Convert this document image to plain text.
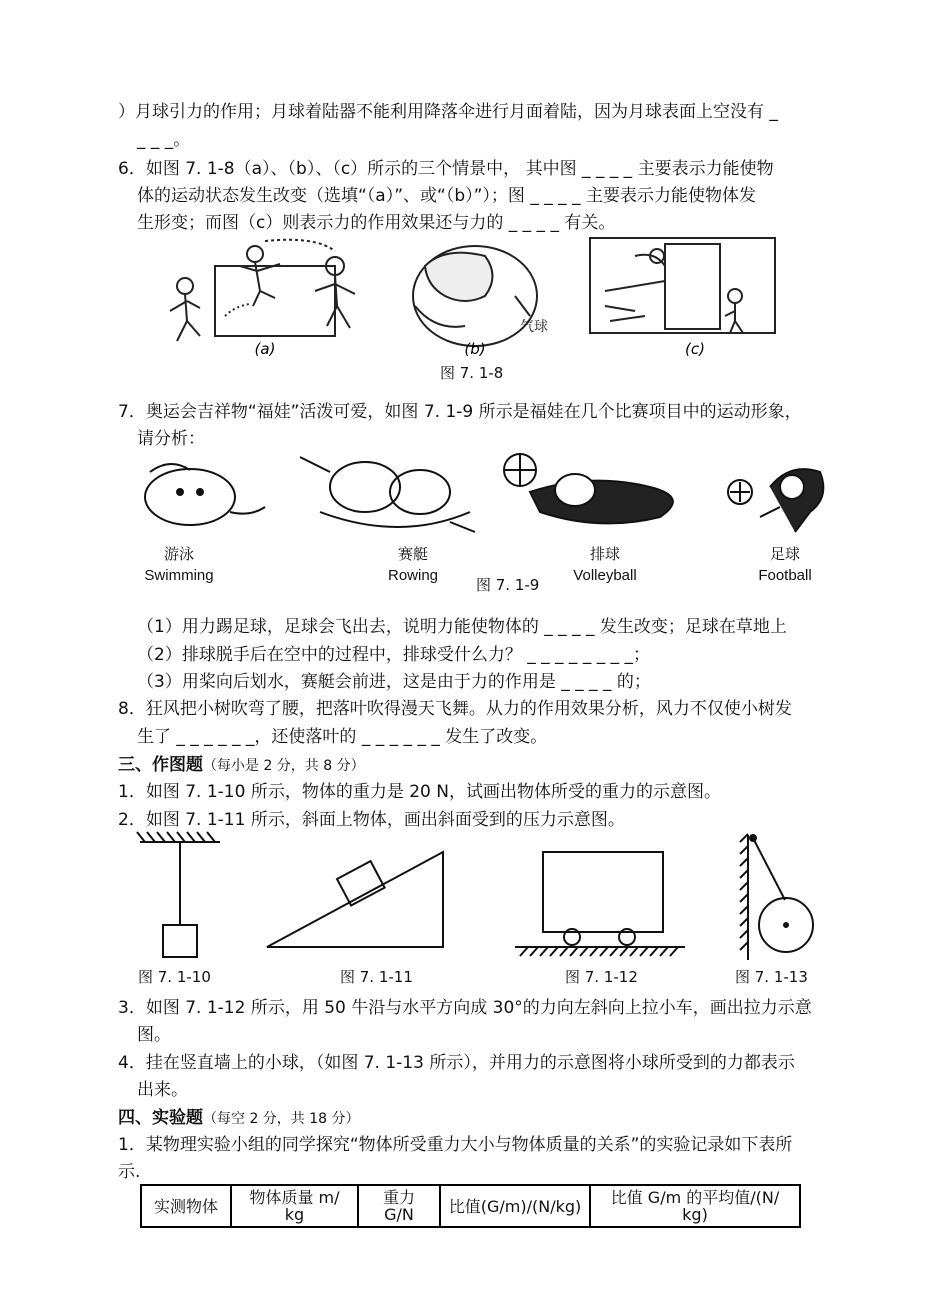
）月球引力的作用；月球着陆器不能利用降落伞进行月面着陆，因为月球表面上空没有 _
_ _ _。
6．如图 7. 1-8（a）、（b）、（c）所示的三个情景中， 其中图 _ _ _ _ 主要表示力能使物
体的运动状态发生改变（选填“（a）”、或“（b）”）；图 _ _ _ _ 主要表示力能使物体发
生形变；而图（c）则表示力的作用效果还与力的 _ _ _ _ 有关。
气球
(a)	(b)	(c)
图 7. 1-8
7．奥运会吉祥物“福娃”活泼可爱，如图 7. 1-9 所示是福娃在几个比赛项目中的运动形象，
请分析：
游泳
Swimming
赛艇
Rowing
图 7. 1-9
排球
Volleyball
足球
Football
（1）用力踢足球，足球会飞出去，说明力能使物体的 _ _ _ _ 发生改变；足球在草地上
（2）排球脱手后在空中的过程中，排球受什么力？ _ _ _ _ _ _ _ _；
（3）用桨向后划水，赛艇会前进，这是由于力的作用是 _ _ _ _ 的；
8．狂风把小树吹弯了腰，把落叶吹得漫天飞舞。从力的作用效果分析，风力不仅使小树发
生了 _ _ _ _ _ _，还使落叶的 _ _ _ _ _ _ 发生了改变。
三、作图题（每小是 2 分，共 8 分）
1．如图 7. 1-10 所示，物体的重力是 20 N，试画出物体所受的重力的示意图。
2．如图 7. 1-11 所示，斜面上物体，画出斜面受到的压力示意图。
图 7. 1-10	图 7. 1-11	图 7. 1-12	图 7. 1-13
3．如图 7. 1-12 所示，用 50 牛沿与水平方向成 30°的力向左斜向上拉小车，画出拉力示意
图。
4．挂在竖直墙上的小球，（如图 7. 1-13 所示），并用力的示意图将小球所受到的力都表示
出来。
四、实验题（每空 2 分，共 18 分）
1．某物理实验小组的同学探究“物体所受重力大小与物体质量的关系”的实验记录如下表所
示.
实测物体	物体质量 m/
kg	重力
G/N	比值(G/m)/(N/kg)	比值 G/m 的平均值/(N/
kg)
